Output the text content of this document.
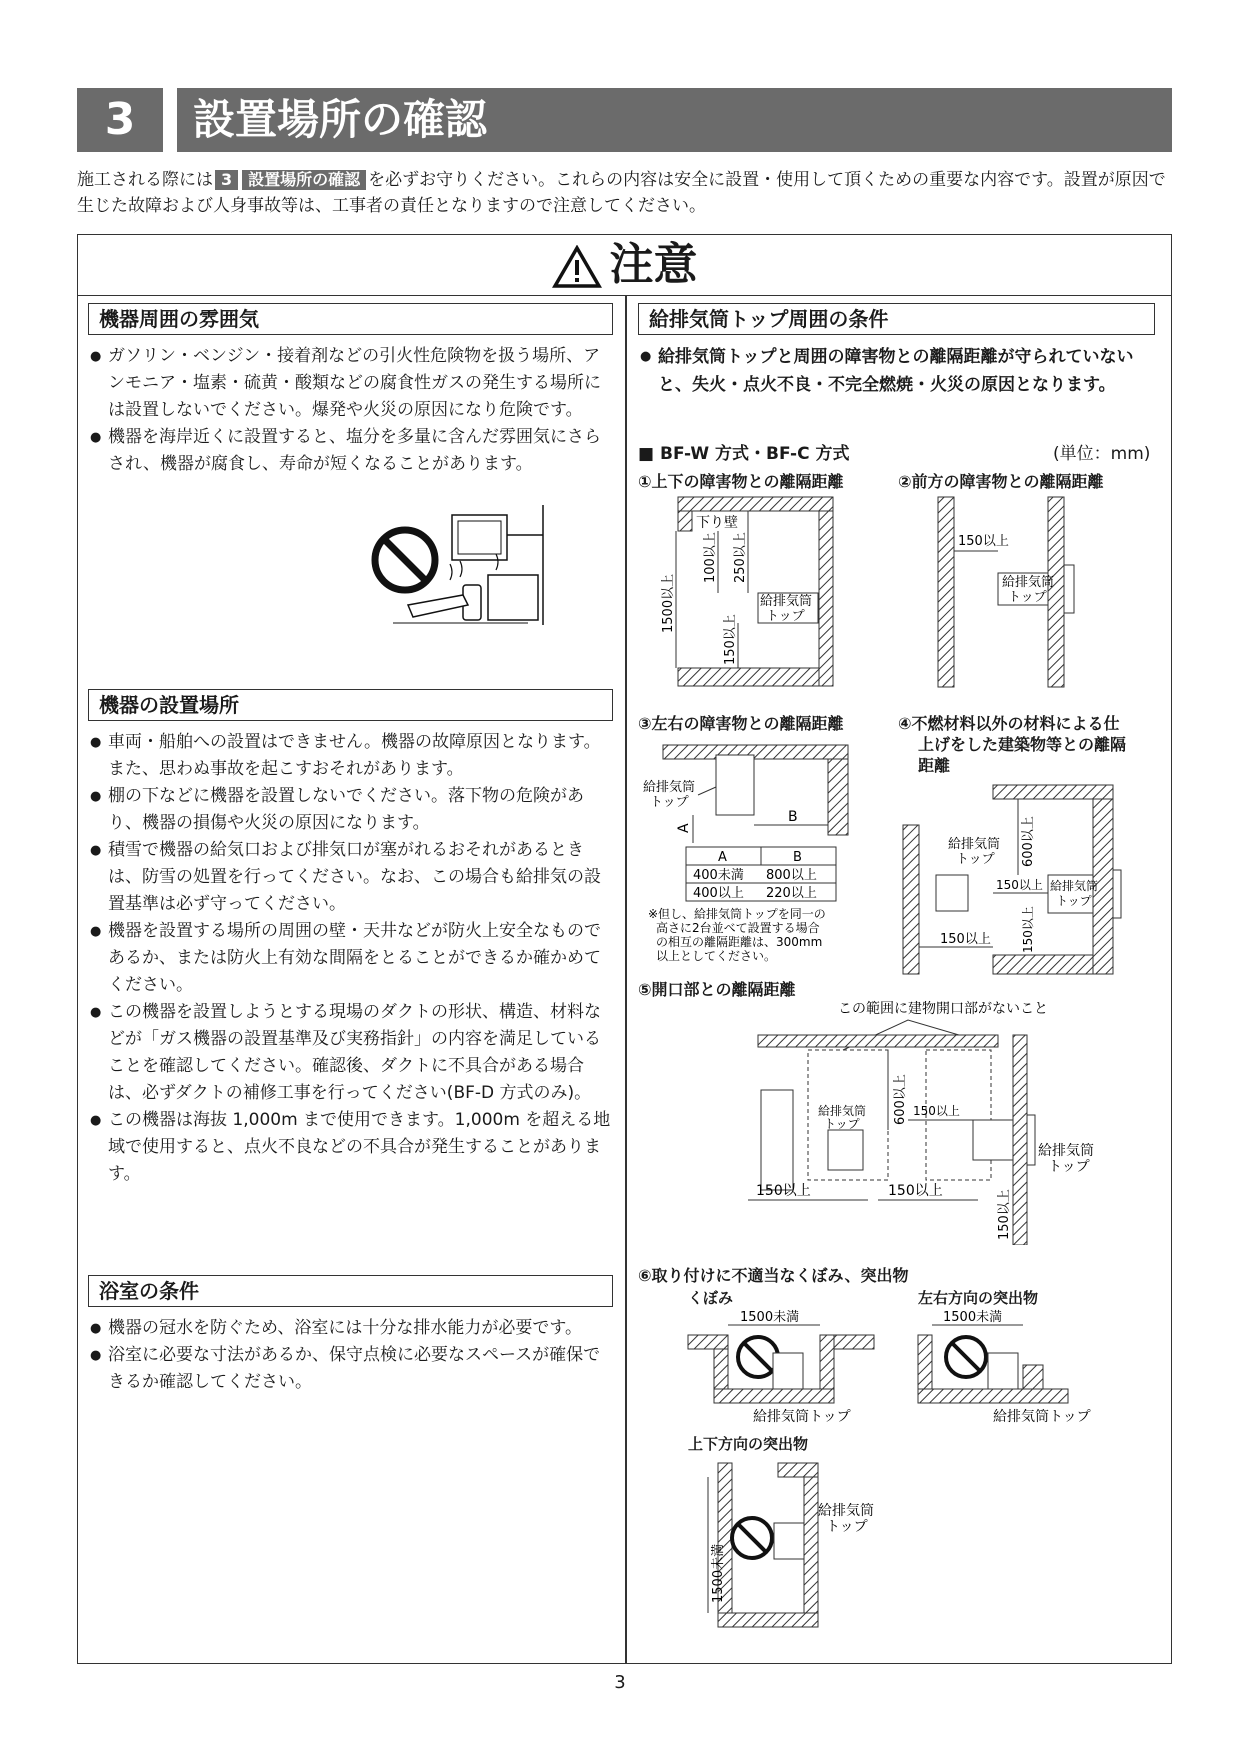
3	設置場所の確認
施工される際には 3 設置場所の確認 を必ずお守りください。これらの内容は安全に設置・使用して頂くための重要な内容です。設置が原因で生じた故障および人身事故等は、工事者の責任となりますので注意してください。
注意
機器周囲の雰囲気
● ガソリン・ベンジン・接着剤などの引火性危険物を扱う場所、アンモニア・塩素・硫黄・酸類などの腐食性ガスの発生する場所には設置しないでください。爆発や火災の原因になり危険です。
● 機器を海岸近くに設置すると、塩分を多量に含んだ雰囲気にさらされ、機器が腐食し、寿命が短くなることがあります。
機器の設置場所
● 車両・船舶への設置はできません。機器の故障原因となります。また、思わぬ事故を起こすおそれがあります。
● 棚の下などに機器を設置しないでください。落下物の危険があり、機器の損傷や火災の原因になります。
● 積雪で機器の給気口および排気口が塞がれるおそれがあるときは、防雪の処置を行ってください。なお、この場合も給排気の設置基準は必ず守ってください。
● 機器を設置する場所の周囲の壁・天井などが防火上安全なものであるか、または防火上有効な間隔をとることができるか確かめてください。
● この機器を設置しようとする現場のダクトの形状、構造、材料などが「ガス機器の設置基準及び実務指針」の内容を満足していることを確認してください。確認後、ダクトに不具合がある場合は、必ずダクトの補修工事を行ってください(BF-D 方式のみ)。
● この機器は海抜 1,000m まで使用できます。1,000m を超える地域で使用すると、点火不良などの不具合が発生することがあります。
浴室の条件
● 機器の冠水を防ぐため、浴室には十分な排水能力が必要です。
● 浴室に必要な寸法があるか、保守点検に必要なスペースが確保できるか確認してください。
給排気筒トップ周囲の条件
● 給排気筒トップと周囲の障害物との離隔距離が守られていないと、失火・点火不良・不完全燃焼・火災の原因となります。
■ BF-W 方式・BF-C 方式	(単位：mm)
①上下の障害物との離隔距離	②前方の障害物との離隔距離
下り壁
給排気筒
トップ
1500以上
100以上 250以上
150以上
給排気筒
トップ
150以上
③左右の障害物との離隔距離	④不燃材料以外の材料による仕
上げをした建築物等との離隔
距離
給排気筒
トップ
B
A
A	B
400未満 800以上
400以上 220以上
※但し、給排気筒トップを同一の
高さに2台並べて設置する場合
の相互の離隔距離は、300mm
以上としてください。
給排気筒
トップ
給排気筒
トップ 600以上
150以上
150以上
150以上
⑤開口部との離隔距離
この範囲に建物開口部がないこと
給排気筒
トップ
給排気筒
トップ
600以上 150以上
150以上	150以上	150以上
⑥取り付けに不適当なくぼみ、突出物
くぼみ	左右方向の突出物
1500未満
給排気筒トップ
1500未満
給排気筒トップ
上下方向の突出物
1500未満
給排気筒
トップ
3
